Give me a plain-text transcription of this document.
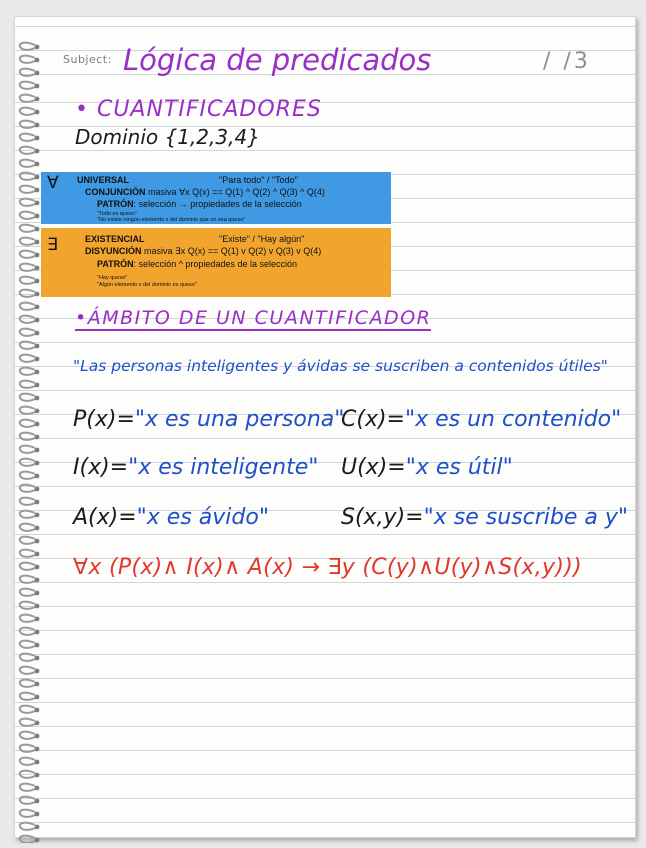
Subject: Lógica de predicados	/ /3
• CUANTIFICADORES
Dominio {1,2,3,4}
∀ UNIVERSAL	"Para todo" / "Todo"
CONJUNCIÓN masiva ∀x Q(x) == Q(1) ^ Q(2) ^ Q(3) ^ Q(4)
PATRÓN: selección → propiedades de la selección
"Todo es queso"
"No existe ningún elemento x del dominio que no sea queso"
∃	EXISTENCIAL	"Existe" / "Hay algún"
DISYUNCIÓN masiva ∃x Q(x) == Q(1) v Q(2) v Q(3) v Q(4)
PATRÓN: selección ^ propiedades de la selección
"Hay queso"
"Algún elemento x del dominio es queso"
•ÁMBITO DE UN CUANTIFICADOR
"Las personas inteligentes y ávidas se suscriben a contenidos útiles"
P(x)="x es una persona"
C(x)="x es un contenido"
I(x)="x es inteligente" U(x)="x es útil"
A(x)="x es ávido"	S(x,y)="x se suscribe a y"
∀x (P(x)∧ I(x)∧ A(x) → ∃y (C(y)∧U(y)∧S(x,y)))
